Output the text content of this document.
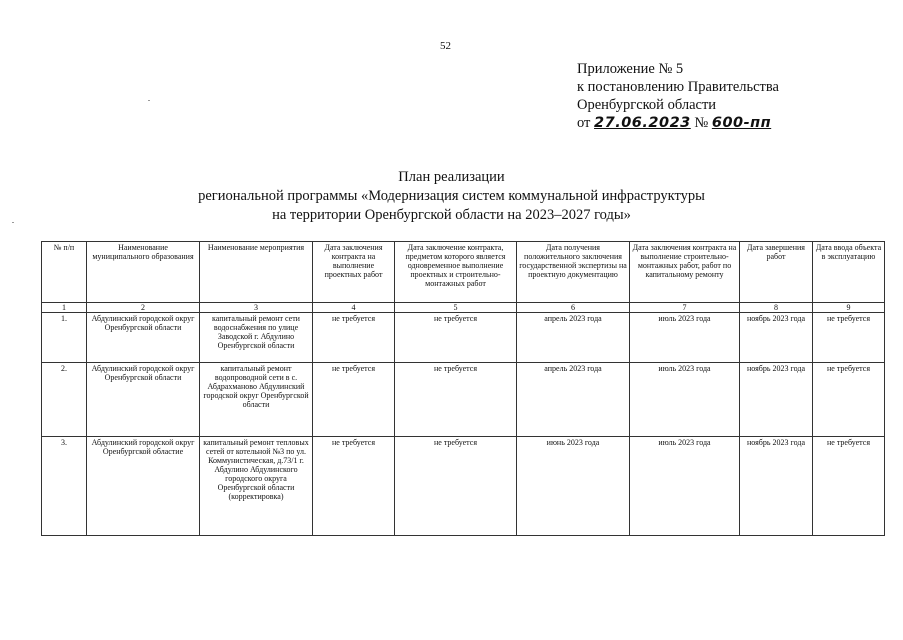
52
Приложение № 5
к постановлению Правительства
Оренбургской области
от 27.06.2023 № 600-пп
План реализации
региональной программы «Модернизация систем коммунальной инфраструктуры
на территории Оренбургской области на 2023–2027 годы»
№ п/п	Наименование муниципального образования	Наименование мероприятия	Дата заключения контракта на выполнение проектных работ	Дата заключение контракта, предметом которого является одновременное выполнение проектных и строительно-монтажных работ	Дата получения положительного заключения государственной экспертизы на проектную документацию	Дата заключения контракта на выполнение строительно-монтажных работ, работ по капитальному ремонту	Дата завершения работ	Дата ввода объекта в эксплуатацию
1	2	3	4	5	6	7	8	9
1.	Абдулинский городской округ Оренбургской области	капитальный ремонт сети водоснабжения по улице Заводской г. Абдулино Оренбургской области	не требуется	не требуется	апрель 2023 года	июль 2023 года	ноябрь 2023 года	не требуется
2.	Абдулинский городской округ Оренбургской области	капитальный ремонт водопроводной сети в с. Абдрахманово Абдулинский городской округ Оренбургской области	не требуется	не требуется	апрель 2023 года	июль 2023 года	ноябрь 2023 года	не требуется
3.	Абдулинский городской округ Оренбургской областие	капитальный ремонт тепловых сетей от котельной №3 по ул. Коммунистическая, д.73/1 г. Абдулино Абдулинского городского округа Оренбургской области (корректировка)	не требуется	не требуется	июнь 2023 года	июль 2023 года	ноябрь 2023 года	не требуется
